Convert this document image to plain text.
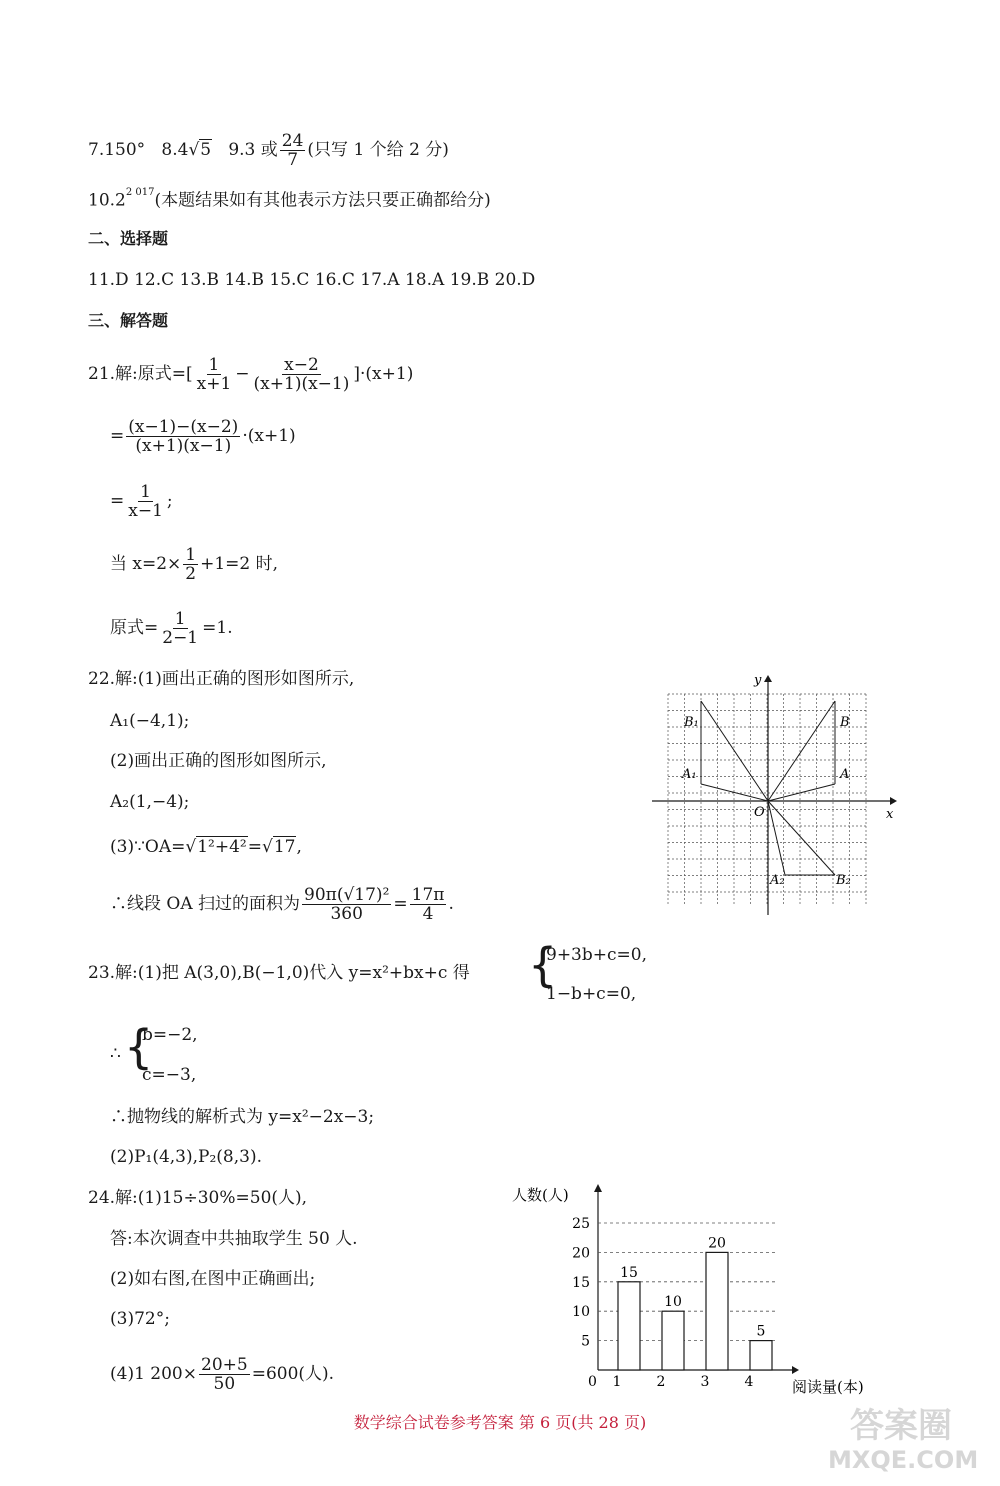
7.150° 8.4√5 9.3 或 $\frac{24}{7}$ (只写 1 个给 2 分)
$10.2^{2 017}$(本题结果如有其他表示方法只要正确都给分)
二、选择题
11.D 12.C 13.B 14.B 15.C 16.C 17.A 18.A 19.B 20.D
三、解答题
21.解:原式=[ $\frac{1}{x+1} - \frac{x-2}{(x+1)(x-1)} ]\cdot(x+1)$
= $\frac{(x-1)-(x-2)}{(x+1)(x-1)} \cdot(x+1)$
= $\frac{1}{x-1}$ ;
当 $x=2\times \frac{1}{2} +1=2$ 时,
原式= $\frac{1}{2-1} =1$.
22.解:(1)画出正确的图形如图所示,
A₁(−4,1);
(2)画出正确的图形如图所示,
A₂(1,−4);
(3)∵OA=√1²+4²=√17,
∴线段 OA 扫过的面积为 $\frac{\text{90π(√17)²}}{360} = \frac{17\pi}{4}$ .
x
y
O
B₁	B
A₁	A
A₂	B₂
23.解:(1)把 A(3,0),B(−1,0)代入 y=x²+bx+c 得 {
9+3b+c=0,
1−b+c=0,
∴ {
b=−2,
c=−3,
∴抛物线的解析式为 y=x²−2x−3;
(2)P₁(4,3),P₂(8,3).
24.解:(1)15÷30%=50(人),
答:本次调查中共抽取学生 50 人.
(2)如右图,在图中正确画出;
(3)72°;
(4)1 $200\times \frac{20+5}{50} =600$(人).
人数(人)
阅读量(本)
0
5
10
15
20
25
15
1
10
2
20
3
5
4
数学综合试卷参考答案 第 6 页(共 28 页)	答案圈
MXQE.COM
